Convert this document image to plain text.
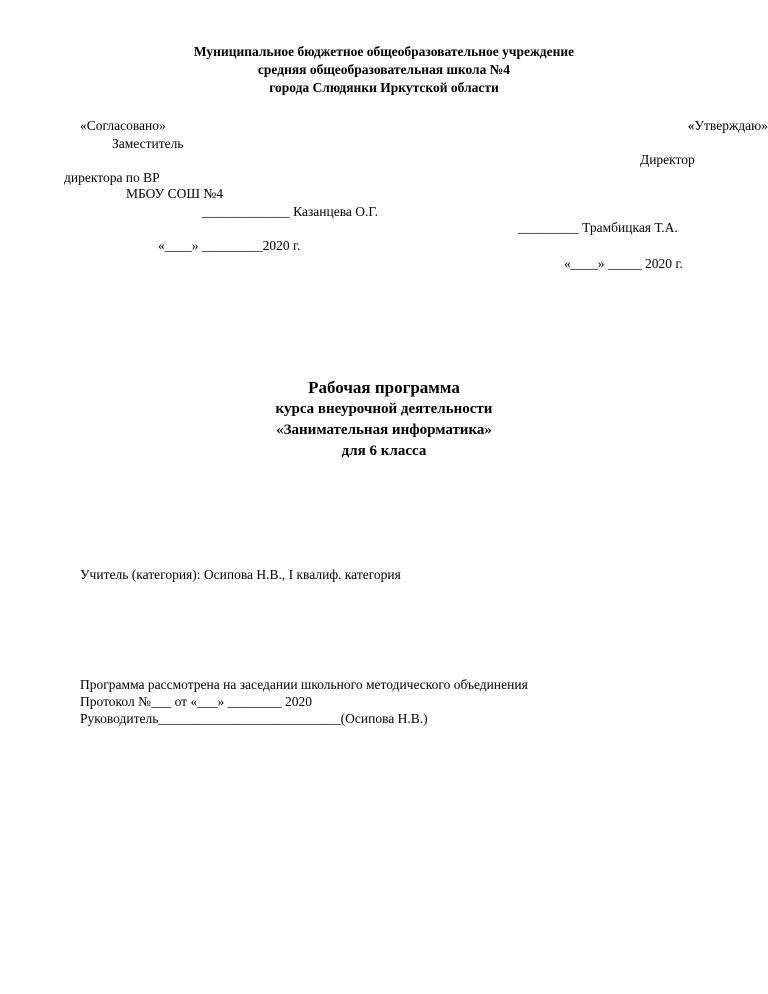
Муниципальное бюджетное общеобразовательное учреждение
средняя общеобразовательная школа №4
города Слюдянки Иркутской области
«Согласовано»
Заместитель
директора по ВР
МБОУ СОШ №4
_____________ Казанцева О.Г.
«____» _________2020 г.
«Утверждаю»
Директор
_________ Трамбицкая Т.А.
«____» _____ 2020 г.
Рабочая программа
курса внеурочной деятельности
«Занимательная информатика»
для 6 класса
Учитель (категория): Осипова Н.В., I квалиф. категория
Программа рассмотрена на заседании школьного методического объединения
Протокол №___ от «___» ________ 2020
Руководитель___________________________(Осипова Н.В.)
